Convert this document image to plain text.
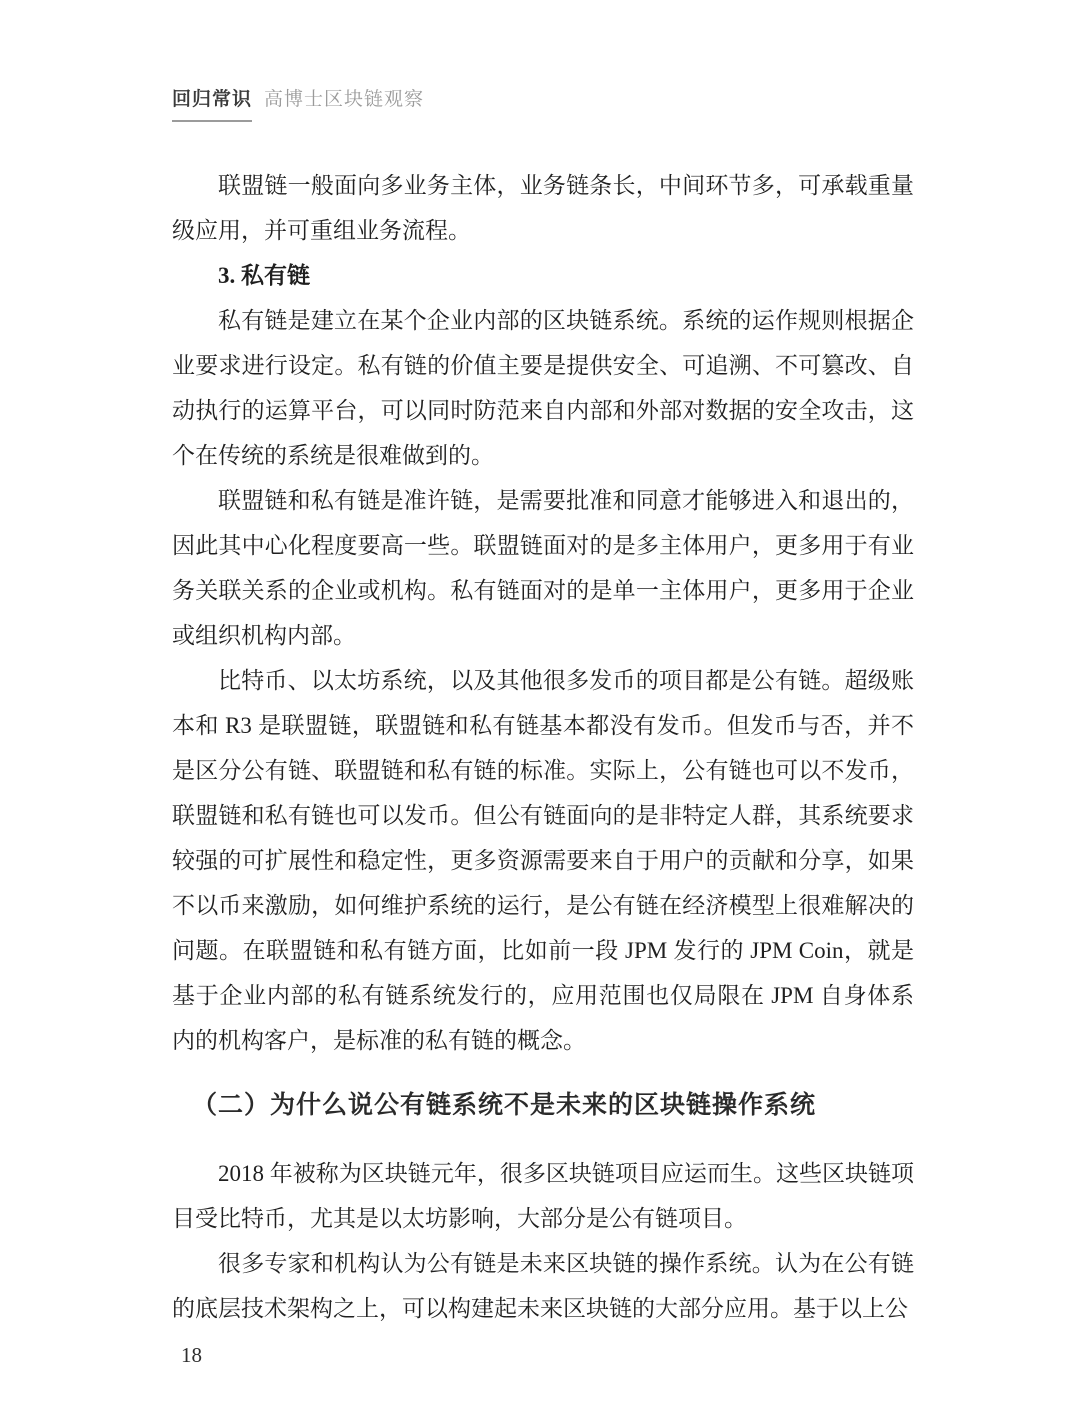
回归常识 高博士区块链观察

联盟链一般面向多业务主体，业务链条长，中间环节多，可承载重量级应用，并可重组业务流程。

3. 私有链

私有链是建立在某个企业内部的区块链系统。系统的运作规则根据企业要求进行设定。私有链的价值主要是提供安全、可追溯、不可篡改、自动执行的运算平台，可以同时防范来自内部和外部对数据的安全攻击，这个在传统的系统是很难做到的。

联盟链和私有链是准许链，是需要批准和同意才能够进入和退出的，因此其中心化程度要高一些。联盟链面对的是多主体用户，更多用于有业务关联关系的企业或机构。私有链面对的是单一主体用户，更多用于企业或组织机构内部。

比特币、以太坊系统，以及其他很多发币的项目都是公有链。超级账本和 R3 是联盟链，联盟链和私有链基本都没有发币。但发币与否，并不是区分公有链、联盟链和私有链的标准。实际上，公有链也可以不发币，联盟链和私有链也可以发币。但公有链面向的是非特定人群，其系统要求较强的可扩展性和稳定性，更多资源需要来自于用户的贡献和分享，如果不以币来激励，如何维护系统的运行，是公有链在经济模型上很难解决的问题。在联盟链和私有链方面，比如前一段 JPM 发行的 JPM Coin，就是基于企业内部的私有链系统发行的，应用范围也仅局限在 JPM 自身体系内的机构客户，是标准的私有链的概念。

（二）为什么说公有链系统不是未来的区块链操作系统

2018 年被称为区块链元年，很多区块链项目应运而生。这些区块链项目受比特币，尤其是以太坊影响，大部分是公有链项目。

很多专家和机构认为公有链是未来区块链的操作系统。认为在公有链的底层技术架构之上，可以构建起未来区块链的大部分应用。基于以上公

18
